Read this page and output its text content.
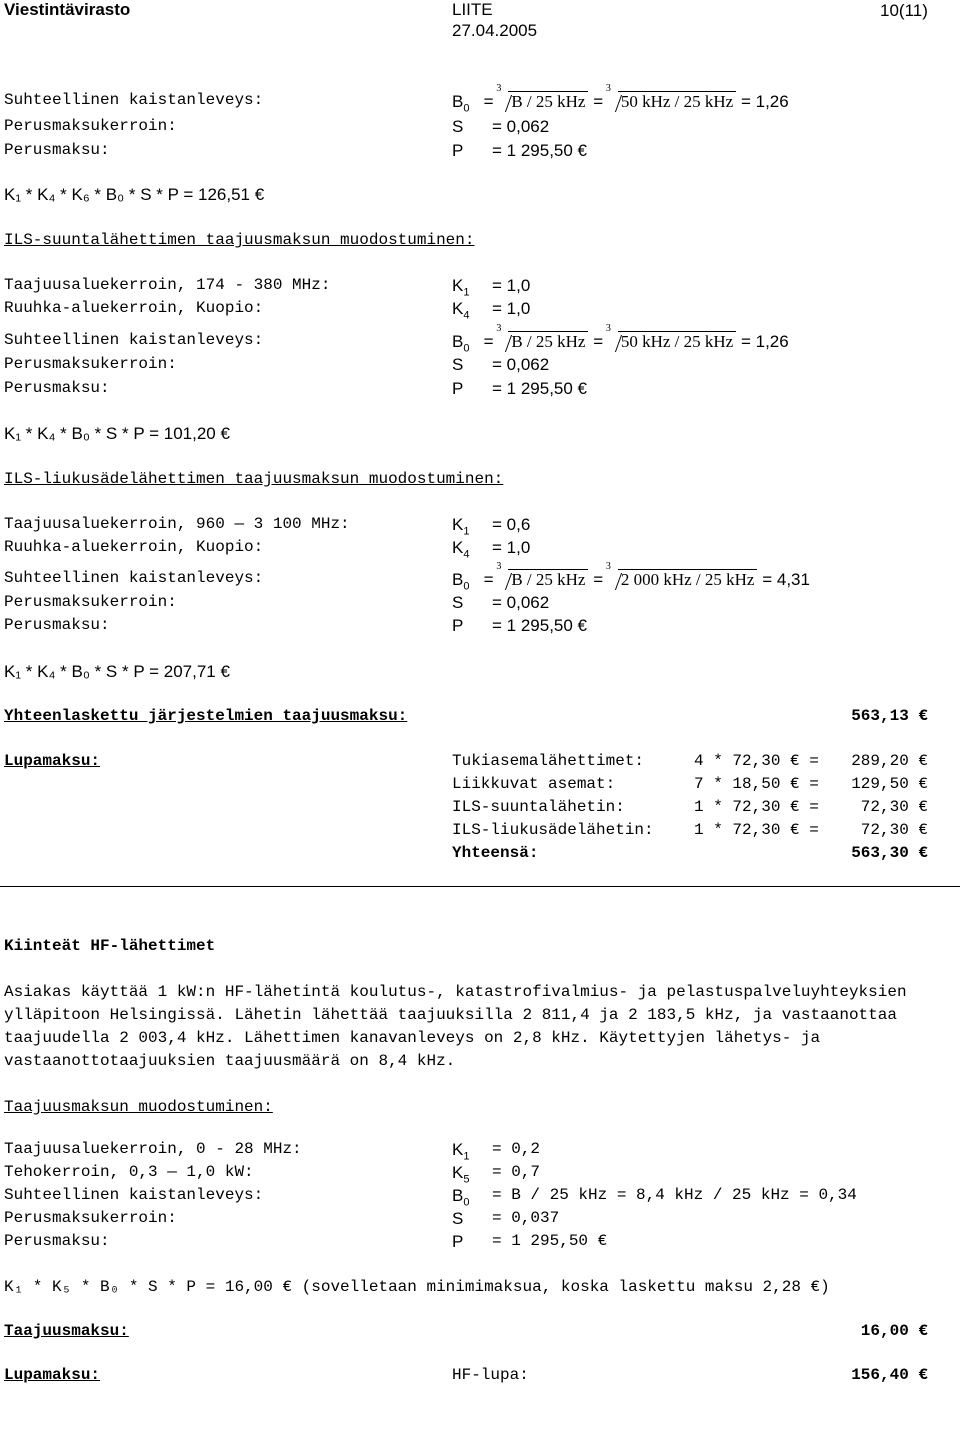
Viestintävirasto	LIITE
27.04.2005
10(11)
Suhteellinen kaistanleveys:	$B_0$ =
3
B / 25 kHz =
3
50 kHz / 25 kHz = 1,26
Perusmaksukerroin:	S = 0,062
Perusmaksu:	P = 1 295,50 €
K₁ * K₄ * K₆ * B₀ * S * P = 126,51 €
ILS-suuntalähettimen taajuusmaksun muodostuminen:
Taajuusaluekerroin, 174 - 380 MHz:	$K_1 = 1,0$
Ruuhka-aluekerroin, Kuopio:	$K_4 = 1,0$
Suhteellinen kaistanleveys:	$B_0$ =
3
B / 25 kHz =
3
50 kHz / 25 kHz = 1,26
Perusmaksukerroin:	S = 0,062
Perusmaksu:	P = 1 295,50 €
K₁ * K₄ * B₀ * S * P = 101,20 €
ILS-liukusädelähettimen taajuusmaksun muodostuminen:
Taajuusaluekerroin, 960 — 3 100 MHz:	$K_1 = 0,6$
Ruuhka-aluekerroin, Kuopio:	$K_4 = 1,0$
Suhteellinen kaistanleveys:	$B_0$ =
3
B / 25 kHz =
3
2 000 kHz / 25 kHz = 4,31
Perusmaksukerroin:	S = 0,062
Perusmaksu:	P = 1 295,50 €
K₁ * K₄ * B₀ * S * P = 207,71 €
Yhteenlaskettu järjestelmien taajuusmaksu:	563,13 €
Lupamaksu:	Tukiasemalähettimet:	4 * 72,30 € = 289,20 €
Liikkuvat asemat:	7 * 18,50 € = 129,50 €
ILS-suuntalähetin:	1 * 72,30 € =	72,30 €
ILS-liukusädelähetin:	1 * 72,30 € =	72,30 €
Yhteensä:	563,30 €
Kiinteät HF-lähettimet
Asiakas käyttää 1 kW:n HF-lähetintä koulutus-, katastrofivalmius- ja pelastuspalveluyhteyksien
ylläpitoon Helsingissä. Lähetin lähettää taajuuksilla 2 811,4 ja 2 183,5 kHz, ja vastaanottaa
taajuudella 2 003,4 kHz. Lähettimen kanavanleveys on 2,8 kHz. Käytettyjen lähetys- ja
vastaanottotaajuuksien taajuusmäärä on 8,4 kHz.
Taajuusmaksun muodostuminen:
Taajuusaluekerroin, 0 - 28 MHz:	$K_1 = 0,2$
Tehokerroin, 0,3 — 1,0 kW:	$K_5 = 0,7$
Suhteellinen kaistanleveys:	$B_0 = B / 25$ kHz = 8,4 kHz / 25 kHz = 0,34
Perusmaksukerroin:	S = 0,037
Perusmaksu:	P = 1 295,50 €
K₁ * K₅ * B₀ * S * P = 16,00 € (sovelletaan minimimaksua, koska laskettu maksu 2,28 €)
Taajuusmaksu:	16,00 €
Lupamaksu:	HF-lupa:	156,40 €
